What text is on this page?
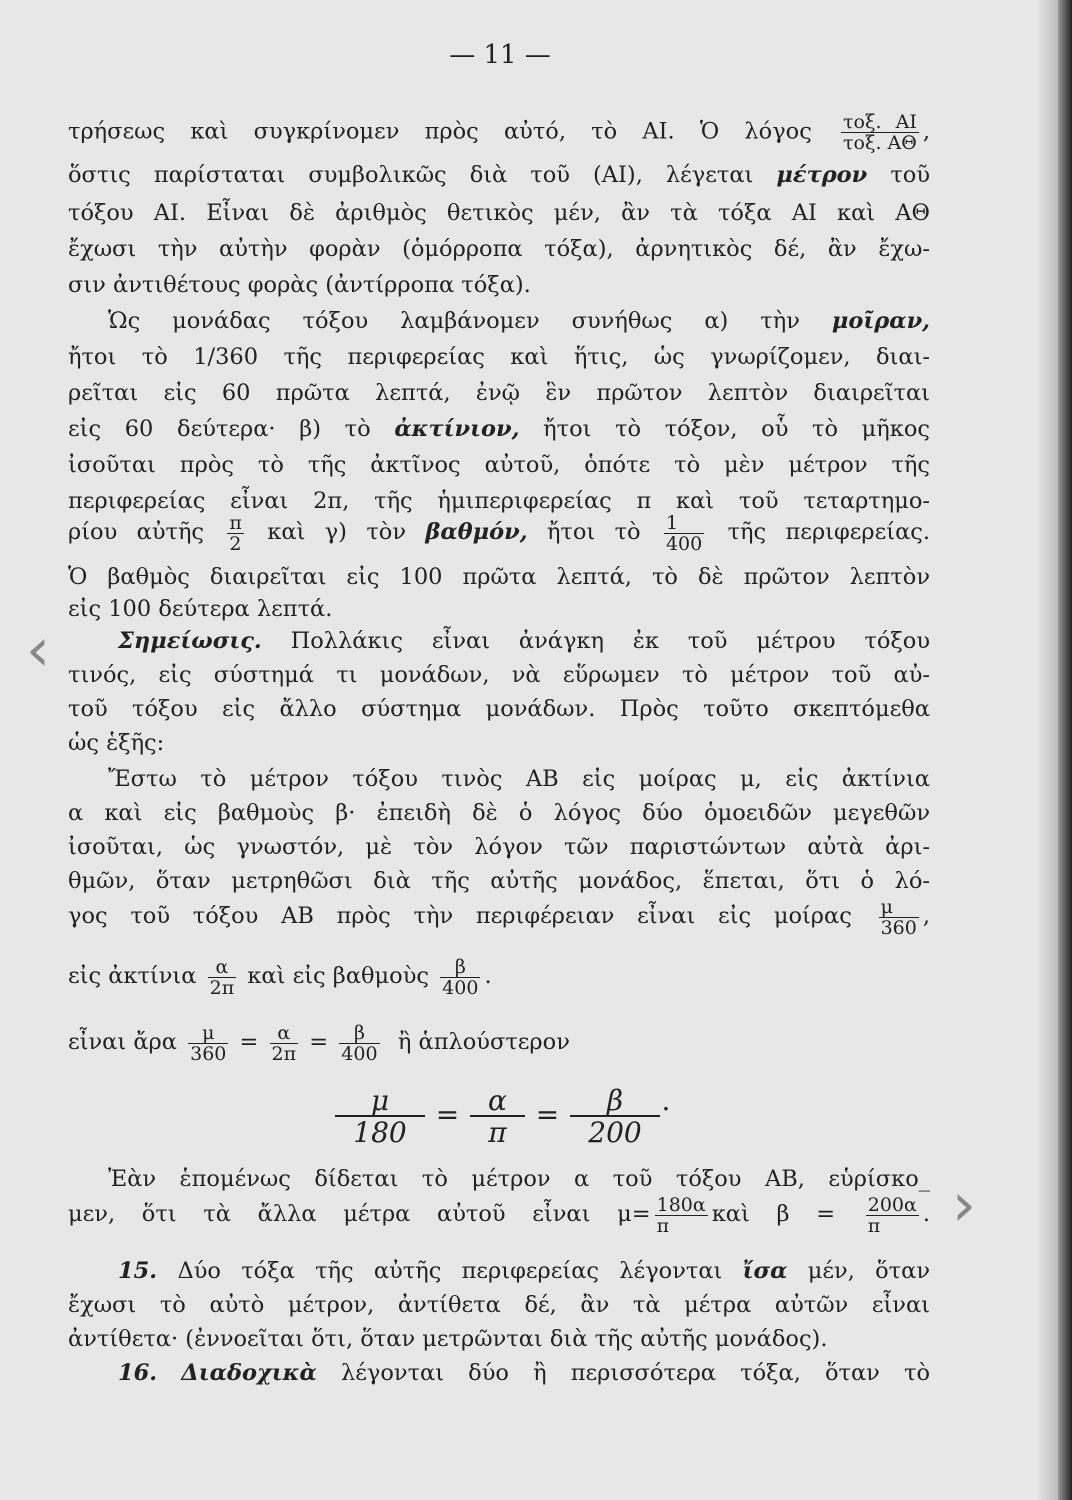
— 11 —
τρήσεως καὶ συγκρίνομεν πρὸς αὐτό, τὸ ΑΙ. Ὁ λόγος τοξ. ΑΙ
τοξ. ΑΘ ,
ὅστις παρίσταται συμβολικῶς διὰ τοῦ (ΑΙ), λέγεται μέτρον τοῦ
τόξου ΑΙ. Εἶναι δὲ ἀριθμὸς θετικὸς μέν, ἂν τὰ τόξα ΑΙ καὶ ΑΘ
ἔχωσι τὴν αὐτὴν φορὰν (ὁμόρροπα τόξα), ἀρνητικὸς δέ, ἂν ἔχω-
σιν ἀντιθέτους φορὰς (ἀντίρροπα τόξα).
Ὡς μονάδας τόξου λαμβάνομεν συνήθως α) τὴν μοῖραν,
ἤτοι τὸ 1/360 τῆς περιφερείας καὶ ἥτις, ὡς γνωρίζομεν, διαι-
ρεῖται εἰς 60 πρῶτα λεπτά, ἐνῷ ἓν πρῶτον λεπτὸν διαιρεῖται
εἰς 60 δεύτερα· β) τὸ ἀκτίνιον, ἤτοι τὸ τόξον, οὗ τὸ μῆκος
ἰσοῦται πρὸς τὸ τῆς ἀκτῖνος αὐτοῦ, ὁπότε τὸ μὲν μέτρον τῆς
περιφερείας εἶναι 2π, τῆς ἡμιπεριφερείας π καὶ τοῦ τεταρτημο-
ρίου αὐτῆς $\frac{\pi}{2}$ καὶ γ) τὸν βαθμόν, ἤτοι τὸ $\frac{1}{400}$ τῆς περιφερείας.
Ὁ βαθμὸς διαιρεῖται εἰς 100 πρῶτα λεπτά, τὸ δὲ πρῶτον λεπτὸν
εἰς 100 δεύτερα λεπτά.
Σημείωσις. Πολλάκις εἶναι ἀνάγκη ἐκ τοῦ μέτρου τόξου
τινός, εἰς σύστημά τι μονάδων, νὰ εὕρωμεν τὸ μέτρον τοῦ αὐ-
τοῦ τόξου εἰς ἄλλο σύστημα μονάδων. Πρὸς τοῦτο σκεπτόμεθα
ὡς ἑξῆς:
Ἔστω τὸ μέτρον τόξου τινὸς ΑΒ εἰς μοίρας μ, εἰς ἀκτίνια
α καὶ εἰς βαθμοὺς β· ἐπειδὴ δὲ ὁ λόγος δύο ὁμοειδῶν μεγεθῶν
ἰσοῦται, ὡς γνωστόν, μὲ τὸν λόγον τῶν παριστώντων αὐτὰ ἀρι-
θμῶν, ὅταν μετρηθῶσι διὰ τῆς αὐτῆς μονάδος, ἕπεται, ὅτι ὁ λό-
γος τοῦ τόξου ΑΒ πρὸς τὴν περιφέρειαν εἶναι εἰς μοίρας $\frac{\mu}{360}$ ,
εἰς ἀκτίνια $\frac{\alpha}{2\pi}$ καὶ εἰς βαθμοὺς $\frac{\beta}{400}$ .
εἶναι ἄρα $\frac{\mu}{360} = \frac{\alpha}{2\pi} = \frac{\beta}{400}$ ἢ ἁπλούστερον
μ
180
=	α
π
=	β
200
.
Ἐὰν ἑπομένως δίδεται τὸ μέτρον α τοῦ τόξου ΑΒ, εὑρίσκο_
μεν, ὅτι τὰ ἄλλα μέτρα αὐτοῦ εἶναι $\mu= \frac{180\alpha}{\pi}$ καὶ $\beta = \frac{200\alpha}{\pi}$ .
15. Δύο τόξα τῆς αὐτῆς περιφερείας λέγονται ἴσα μέν, ὅταν
ἔχωσι τὸ αὐτὸ μέτρον, ἀντίθετα δέ, ἂν τὰ μέτρα αὐτῶν εἶναι
ἀντίθετα· (ἐννοεῖται ὅτι, ὅταν μετρῶνται διὰ τῆς αὐτῆς μονάδος).
16. Διαδοχικὰ λέγονται δύο ἢ περισσότερα τόξα, ὅταν τὸ
‹
›
